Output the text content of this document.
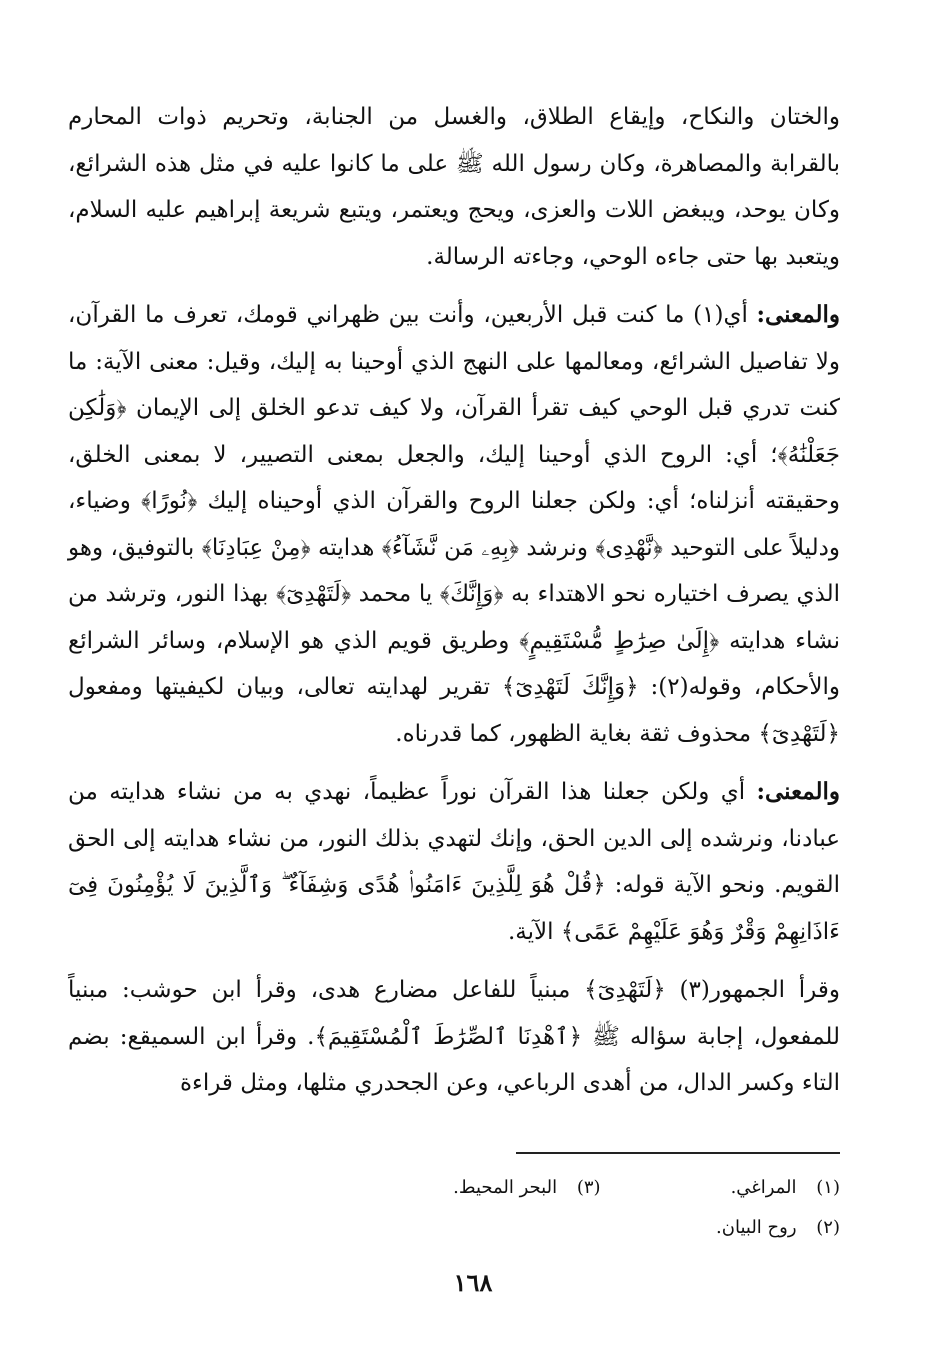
والختان والنكاح، وإيقاع الطلاق، والغسل من الجنابة، وتحريم ذوات المحارم بالقرابة والمصاهرة، وكان رسول الله ﷺ على ما كانوا عليه في مثل هذه الشرائع، وكان يوحد، ويبغض اللات والعزى، ويحج ويعتمر، ويتبع شريعة إبراهيم عليه السلام، ويتعبد بها حتى جاءه الوحي، وجاءته الرسالة.

والمعنى: أي(١) ما كنت قبل الأربعين، وأنت بين ظهراني قومك، تعرف ما القرآن، ولا تفاصيل الشرائع، ومعالمها على النهج الذي أوحينا به إليك، وقيل: معنى الآية: ما كنت تدري قبل الوحي كيف تقرأ القرآن، ولا كيف تدعو الخلق إلى الإيمان ﴿وَلَٰكِن جَعَلْنَٰهُ﴾؛ أي: الروح الذي أوحينا إليك، والجعل بمعنى التصيير، لا بمعنى الخلق، وحقيقته أنزلناه؛ أي: ولكن جعلنا الروح والقرآن الذي أوحيناه إليك ﴿نُورًا﴾ وضياء، ودليلاً على التوحيد ﴿نَّهْدِى﴾ ونرشد ﴿بِهِۦ مَن نَّشَآءُ﴾ هدايته ﴿مِنْ عِبَادِنَا﴾ بالتوفيق، وهو الذي يصرف اختياره نحو الاهتداء به ﴿وَإِنَّكَ﴾ يا محمد ﴿لَتَهْدِىٓ﴾ بهذا النور، وترشد من نشاء هدايته ﴿إِلَىٰ صِرَٰطٍ مُّسْتَقِيمٍ﴾ وطريق قويم الذي هو الإسلام، وسائر الشرائع والأحكام، وقوله(٢): ﴿وَإِنَّكَ لَتَهْدِىٓ﴾ تقرير لهدايته تعالى، وبيان لكيفيتها ومفعول ﴿لَتَهْدِىٓ﴾ محذوف ثقة بغاية الظهور، كما قدرناه.

والمعنى: أي ولكن جعلنا هذا القرآن نوراً عظيماً، نهدي به من نشاء هدايته من عبادنا، ونرشده إلى الدين الحق، وإنك لتهدي بذلك النور، من نشاء هدايته إلى الحق القويم. ونحو الآية قوله: ﴿قُلْ هُوَ لِلَّذِينَ ءَامَنُوا۟ هُدًى وَشِفَآءٌ ۖ وَٱلَّذِينَ لَا يُؤْمِنُونَ فِىٓ ءَاذَانِهِمْ وَقْرٌ وَهُوَ عَلَيْهِمْ عَمًى﴾ الآية.

وقرأ الجمهور(٣) ﴿لَتَهْدِىٓ﴾ مبنياً للفاعل مضارع هدى، وقرأ ابن حوشب: مبنياً للمفعول، إجابة سؤاله ﷺ ﴿ٱهْدِنَا ٱلصِّرَٰطَ ٱلْمُسْتَقِيمَ﴾. وقرأ ابن السميقع: بضم التاء وكسر الدال، من أهدى الرباعي، وعن الجحدري مثلها، ومثل قراءة

(١) المراغي.
(٣) البحر المحيط.
(٢) روح البيان.
١٦٨
